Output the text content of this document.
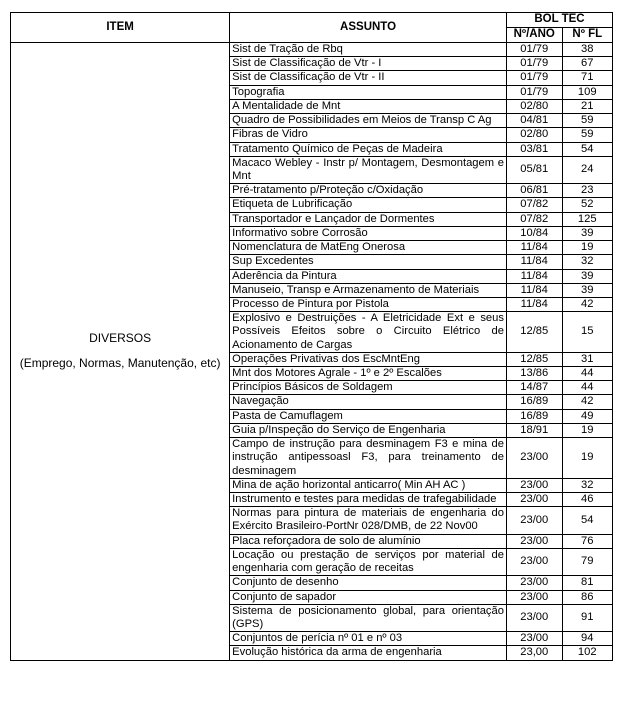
ITEM	ASSUNTO	BOL TEC	
		Nº/ANO	Nº FL

DIVERSOS
(Emprego, Normas, Manutenção, etc)	Sist de Tração de Rbq	01/79	38
	Sist de Classificação de Vtr - I	01/79	67
	Sist de Classificação de Vtr - II	01/79	71
	Topografia	01/79	109
	A Mentalidade de Mnt	02/80	21
	Quadro de Possibilidades em Meios de Transp C Ag	04/81	59
	Fibras de Vidro	02/80	59
	Tratamento Químico de Peças de Madeira	03/81	54
	Macaco Webley - Instr p/ Montagem, Desmontagem e Mnt	05/81	24
	Pré-tratamento p/Proteção c/Oxidação	06/81	23
	Etiqueta de Lubrificação	07/82	52
	Transportador e Lançador de Dormentes	07/82	125
	Informativo sobre Corrosão	10/84	39
	Nomenclatura de MatEng Onerosa	11/84	19
	Sup Excedentes	11/84	32
	Aderência da Pintura	11/84	39
	Manuseio, Transp e Armazenamento de Materiais	11/84	39
	Processo de Pintura por Pistola	11/84	42
	Explosivo e Destruições - A Eletricidade Ext e seus Possíveis Efeitos sobre o Circuito Elétrico de Acionamento de Cargas	12/85	15
	Operações Privativas dos EscMntEng	12/85	31
	Mnt dos Motores Agrale - 1º e 2º Escalões	13/86	44
	Princípios Básicos de Soldagem	14/87	44
	Navegação	16/89	42
	Pasta de Camuflagem	16/89	49
	Guia p/Inspeção do Serviço de Engenharia	18/91	19
	Campo de instrução para desminagem F3 e mina de instrução antipessoasl F3, para treinamento de desminagem	23/00	19
	Mina de ação horizontal anticarro( Min AH AC )	23/00	32
	Instrumento e testes para medidas de trafegabilidade	23/00	46
	Normas para pintura de materiais de engenharia do Exército Brasileiro-PortNr 028/DMB, de 22 Nov00	23/00	54
	Placa reforçadora de solo de alumínio	23/00	76
	Locação ou prestação de serviços por material de engenharia com geração de receitas	23/00	79
	Conjunto de desenho	23/00	81
	Conjunto de sapador	23/00	86
	Sistema de posicionamento global, para orientação (GPS)	23/00	91
	Conjuntos de perícia nº 01 e nº 03	23/00	94
	Evolução histórica da arma de engenharia	23,00	102
